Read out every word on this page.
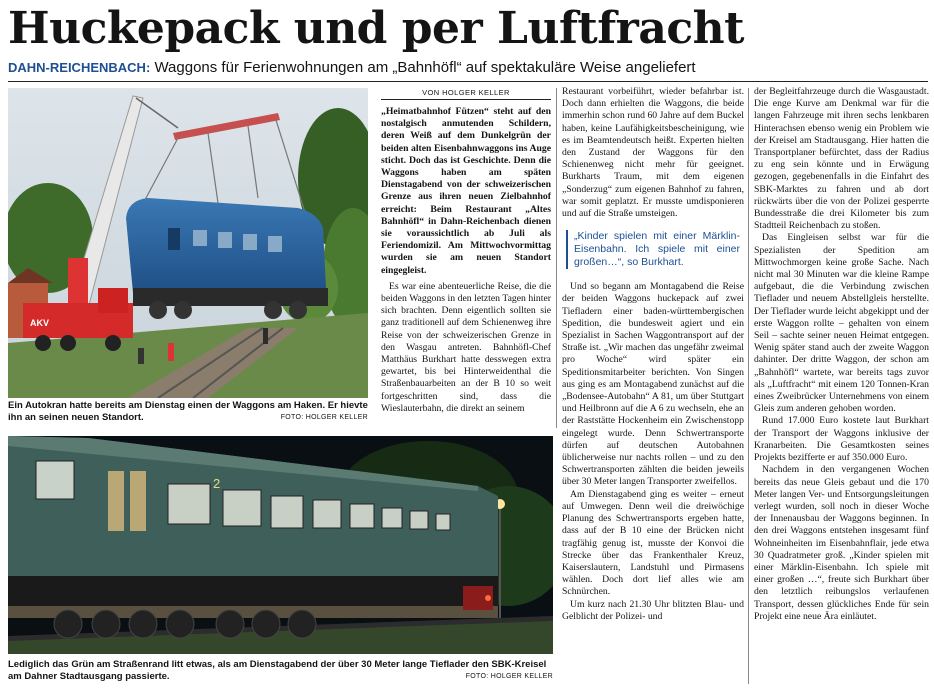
Huckepack und per Luftfracht
DAHN-REICHENBACH: Waggons für Ferienwohnungen am „Bahnhöfl“ auf spektakuläre Weise angeliefert
AKV
Ein Autokran hatte bereits am Dienstag einen der Waggons am Haken. Er hievte ihn an seinen neuen Standort.	FOTO: HOLGER KELLER
2
Lediglich das Grün am Straßenrand litt etwas, als am Dienstagabend der über 30 Meter lange Tieflader den SBK-Kreisel am Dahner Stadtausgang passierte.	FOTO: HOLGER KELLER
VON HOLGER KELLER

„Heimatbahnhof Fützen“ steht auf den nostalgisch anmutenden Schildern, deren Weiß auf dem Dunkelgrün der beiden alten Eisenbahnwaggons ins Auge sticht. Doch das ist Geschichte. Denn die Waggons haben am späten Dienstagabend von der schweizerischen Grenze aus ihren neuen Zielbahnhof erreicht: Beim Restaurant „Altes Bahnhöfl“ in Dahn-Reichenbach dienen sie voraussichtlich ab Juli als Feriendomizil. Am Mittwochvormittag wurden sie am neuen Standort eingegleist.

Es war eine abenteuerliche Reise, die die beiden Waggons in den letzten Tagen hinter sich brachten. Denn eigentlich sollten sie ganz traditionell auf dem Schienenweg ihre Reise von der schweizerischen Grenze in den Wasgau antreten. Bahnhöfl-Chef Matthäus Burkhart hatte desswegen extra gewartet, bis bei Hinterweidenthal die Straßenbauarbeiten an der B 10 so weit fortgeschritten sind, dass die Wieslauterbahn, die direkt an seinem

Restaurant vorbeiführt, wieder befahrbar ist. Doch dann erhielten die Waggons, die beide immerhin schon rund 60 Jahre auf dem Buckel haben, keine Laufähigkeitsbescheinigung, wie es im Beamtendeutsch heißt. Experten hielten den Zustand der Waggons für den Schienenweg nicht mehr für geeignet. Burkharts Traum, mit dem eigenen „Sonderzug“ zum eigenen Bahnhof zu fahren, war somit geplatzt. Er musste umdisponieren und auf die Straße umsteigen.

„Kinder spielen mit einer Märklin-Eisenbahn. Ich spiele mit einer großen…“, so Burkhart.

Und so begann am Montagabend die Reise der beiden Waggons huckepack auf zwei Tiefladern einer baden-württembergischen Spedition, die bundesweit agiert und ein Spezialist in Sachen Waggontransport auf der Straße ist. „Wir machen das ungefähr zweimal pro Woche“ wird später ein Speditionsmitarbeiter berichten. Von Singen aus ging es am Montagabend zunächst auf die „Bodensee-Autobahn“ A 81, um über Stuttgart und Heilbronn auf die A 6 zu wechseln, ehe an der Raststätte Hockenheim ein Zwischenstopp eingelegt wurde. Denn Schwertransporte dürfen auf deutschen Autobahnen üblicherweise nur nachts rollen – und zu den Schwertransporten zählten die beiden jeweils über 30 Meter langen Transporter zweifellos.

Am Dienstagabend ging es weiter – erneut auf Umwegen. Denn weil die dreiwöchige Planung des Schwertransports ergeben hatte, dass auf der B 10 eine der Brücken nicht tragfähig genug ist, musste der Konvoi die Strecke über das Frankenthaler Kreuz, Kaiserslautern, Landstuhl und Pirmasens wählen. Doch dort lief alles wie am Schnürchen.

Um kurz nach 21.30 Uhr blitzten Blau- und Gelblicht der Polizei- und

der Begleitfahrzeuge durch die Wasgaustadt. Die enge Kurve am Denkmal war für die langen Fahrzeuge mit ihren sechs lenkbaren Hinterachsen ebenso wenig ein Problem wie der Kreisel am Stadtausgang. Hier hatten die Transportplaner befürchtet, dass der Radius zu eng sein könnte und in Erwägung gezogen, gegebenenfalls in die Einfahrt des SBK-Marktes zu fahren und ab dort rückwärts über die von der Polizei gesperrte Bundesstraße die drei Kilometer bis zum Stadtteil Reichenbach zu stoßen.

Das Eingleisen selbst war für die Spezialisten der Spedition am Mittwochmorgen keine große Sache. Nach nicht mal 30 Minuten war die kleine Rampe aufgebaut, die die Verbindung zwischen Tieflader und neuem Abstellgleis herstellte. Der Tieflader wurde leicht abgekippt und der erste Waggon rollte – gehalten von einem Seil – sachte seiner neuen Heimat entgegen. Wenig später stand auch der zweite Waggon dahinter. Der dritte Waggon, der schon am „Bahnhöfl“ wartete, war bereits tags zuvor als „Luftfracht“ mit einem 120 Tonnen-Kran eines Zweibrücker Unternehmens von einem Gleis zum anderen gehoben worden.

Rund 17.000 Euro kostete laut Burkhart der Transport der Waggons inklusive der Kranarbeiten. Die Gesamtkosten seines Projekts bezifferte er auf 350.000 Euro.

Nachdem in den vergangenen Wochen bereits das neue Gleis gebaut und die 170 Meter langen Ver- und Entsorgungsleitungen verlegt wurden, soll noch in dieser Woche der Innenausbau der Waggons beginnen. In den drei Waggons entstehen insgesamt fünf Wohneinheiten im Eisenbahnflair, jede etwa 30 Quadratmeter groß. „Kinder spielen mit einer Märklin-Eisenbahn. Ich spiele mit einer großen …“, freute sich Burkhart über den letztlich reibungslos verlaufenen Transport, dessen glückliches Ende für sein Projekt eine neue Ära einläutet.
